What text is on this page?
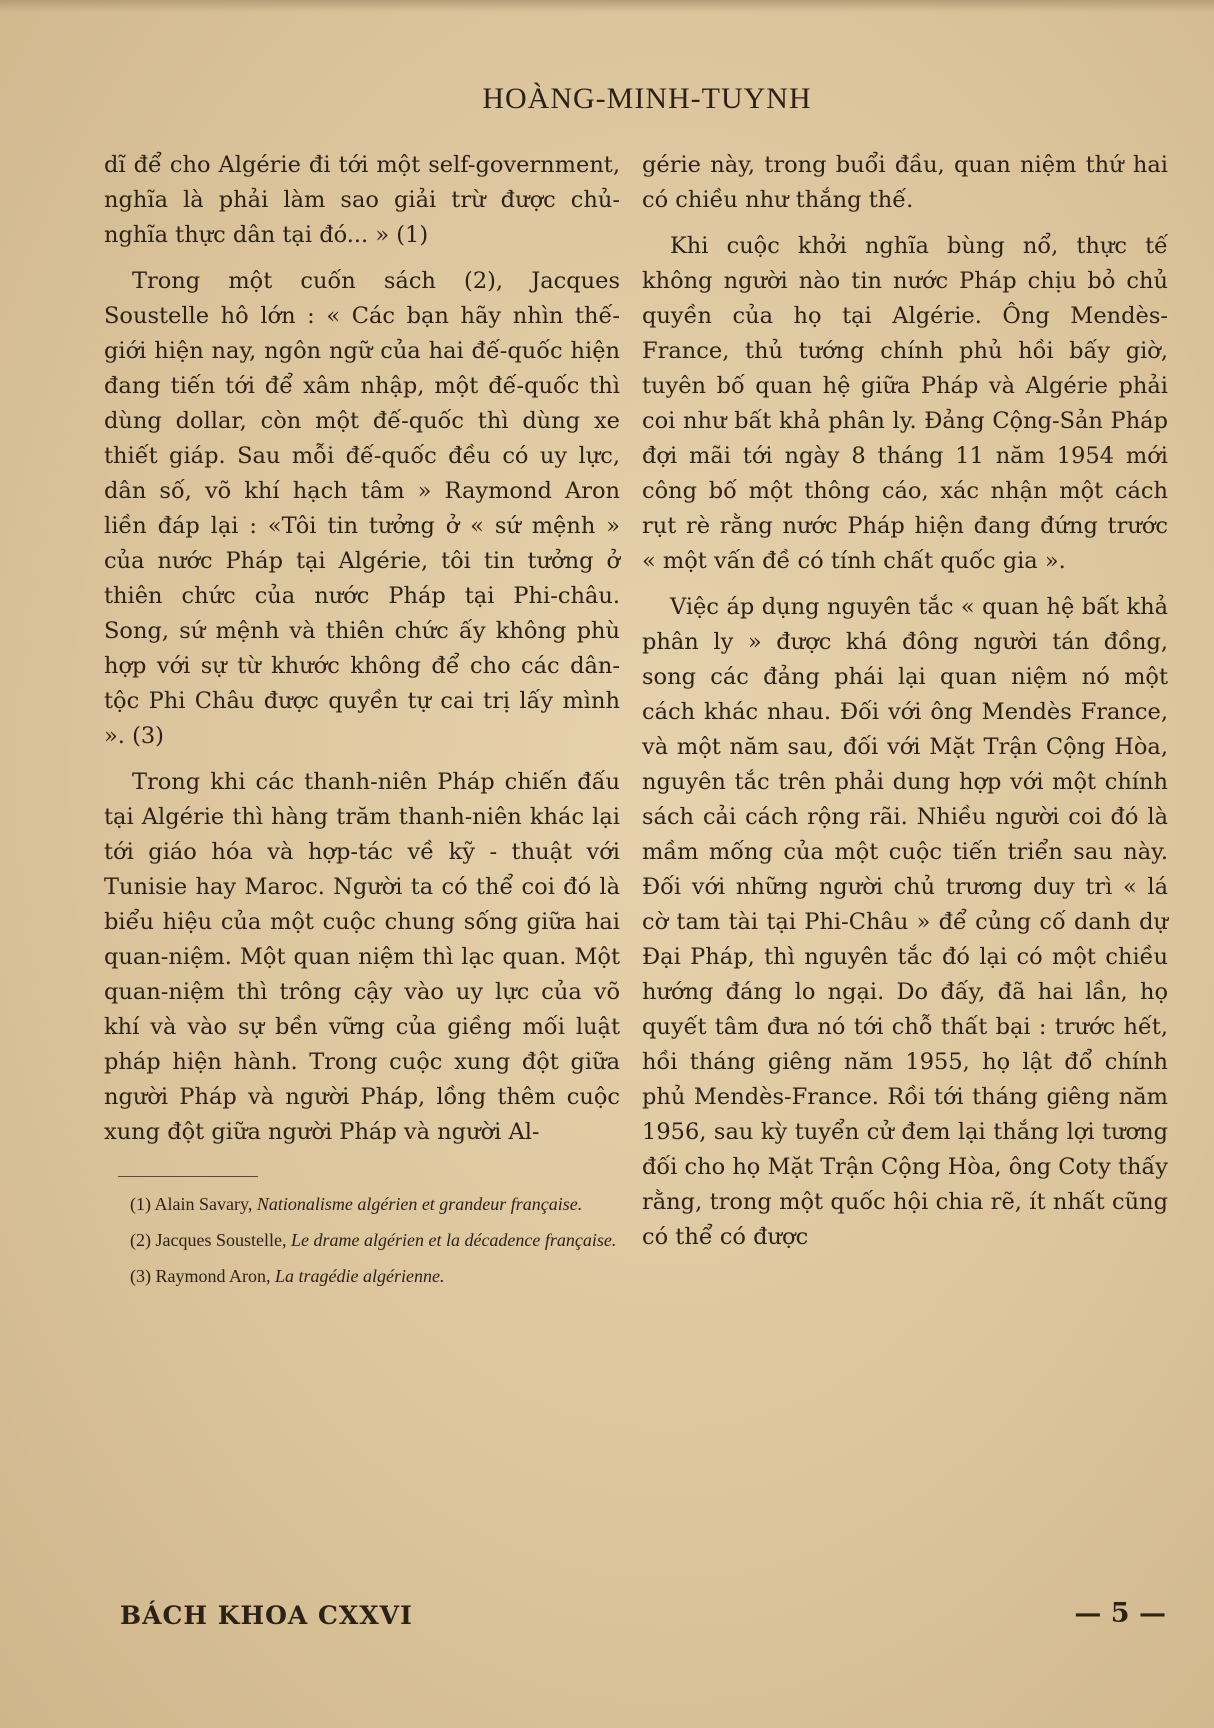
HOÀNG-MINH-TUYNH

dĩ để cho Algérie đi tới một self-government, nghĩa là phải làm sao giải trừ được chủ-nghĩa thực dân tại đó... » (1)

Trong một cuốn sách (2), Jacques Soustelle hô lớn : « Các bạn hãy nhìn thế-giới hiện nay, ngôn ngữ của hai đế-quốc hiện đang tiến tới để xâm nhập, một đế-quốc thì dùng dollar, còn một đế-quốc thì dùng xe thiết giáp. Sau mỗi đế-quốc đều có uy lực, dân số, võ khí hạch tâm » Raymond Aron liền đáp lại : «Tôi tin tưởng ở « sứ mệnh » của nước Pháp tại Algérie, tôi tin tưởng ở thiên chức của nước Pháp tại Phi-châu. Song, sứ mệnh và thiên chức ấy không phù hợp với sự từ khước không để cho các dân-tộc Phi Châu được quyền tự cai trị lấy mình ». (3)

Trong khi các thanh-niên Pháp chiến đấu tại Algérie thì hàng trăm thanh-niên khác lại tới giáo hóa và hợp-tác về kỹ - thuật với Tunisie hay Maroc. Người ta có thể coi đó là biểu hiệu của một cuộc chung sống giữa hai quan-niệm. Một quan niệm thì lạc quan. Một quan-niệm thì trông cậy vào uy lực của võ khí và vào sự bền vững của giềng mối luật pháp hiện hành. Trong cuộc xung đột giữa người Pháp và người Pháp, lồng thêm cuộc xung đột giữa người Pháp và người Al-

(1) Alain Savary, Nationalisme algérien et grandeur française.

(2) Jacques Soustelle, Le drame algérien et la décadence française.

(3) Raymond Aron, La tragédie algérienne.

gérie này, trong buổi đầu, quan niệm thứ hai có chiều như thắng thế.

Khi cuộc khởi nghĩa bùng nổ, thực tế không người nào tin nước Pháp chịu bỏ chủ quyền của họ tại Algérie. Ông Mendès-France, thủ tướng chính phủ hồi bấy giờ, tuyên bố quan hệ giữa Pháp và Algérie phải coi như bất khả phân ly. Đảng Cộng-Sản Pháp đợi mãi tới ngày 8 tháng 11 năm 1954 mới công bố một thông cáo, xác nhận một cách rụt rè rằng nước Pháp hiện đang đứng trước « một vấn đề có tính chất quốc gia ».

Việc áp dụng nguyên tắc « quan hệ bất khả phân ly » được khá đông người tán đồng, song các đảng phái lại quan niệm nó một cách khác nhau. Đối với ông Mendès France, và một năm sau, đối với Mặt Trận Cộng Hòa, nguyên tắc trên phải dung hợp với một chính sách cải cách rộng rãi. Nhiều người coi đó là mầm mống của một cuộc tiến triển sau này. Đối với những người chủ trương duy trì « lá cờ tam tài tại Phi-Châu » để củng cố danh dự Đại Pháp, thì nguyên tắc đó lại có một chiều hướng đáng lo ngại. Do đấy, đã hai lần, họ quyết tâm đưa nó tới chỗ thất bại : trước hết, hồi tháng giêng năm 1955, họ lật đổ chính phủ Mendès-France. Rồi tới tháng giêng năm 1956, sau kỳ tuyển cử đem lại thắng lợi tương đối cho họ Mặt Trận Cộng Hòa, ông Coty thấy rằng, trong một quốc hội chia rẽ, ít nhất cũng có thể có được

BÁCH KHOA CXXVI	— 5 —
